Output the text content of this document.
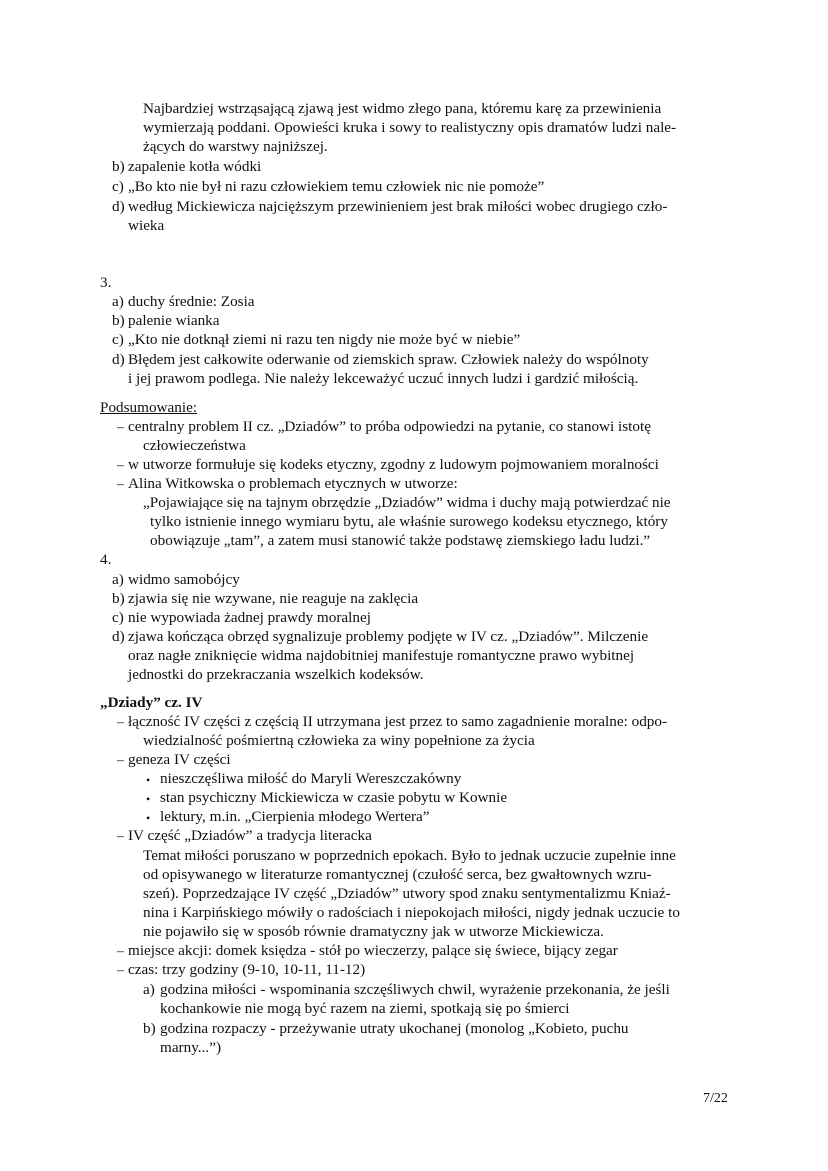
Najbardziej wstrząsającą zjawą jest widmo złego pana, któremu karę za przewinienia
wymierzają poddani. Opowieści kruka i sowy to realistyczny opis dramatów ludzi nale-
żących do warstwy najniższej.
b) zapalenie kotła wódki
c) „Bo kto nie był ni razu człowiekiem temu człowiek nic nie pomoże”
d) według Mickiewicza najcięższym przewinieniem jest brak miłości wobec drugiego czło-
wieka
3.
a) duchy średnie: Zosia
b) palenie wianka
c) „Kto nie dotknął ziemi ni razu ten nigdy nie może być w niebie”
d) Błędem jest całkowite oderwanie od ziemskich spraw. Człowiek należy do wspólnoty
i jej prawom podlega. Nie należy lekceważyć uczuć innych ludzi i gardzić miłością.
Podsumowanie:
– centralny problem II cz. „Dziadów” to próba odpowiedzi na pytanie, co stanowi istotę
człowieczeństwa
– w utworze formułuje się kodeks etyczny, zgodny z ludowym pojmowaniem moralności
– Alina Witkowska o problemach etycznych w utworze:
„Pojawiające się na tajnym obrzędzie „Dziadów” widma i duchy mają potwierdzać nie
tylko istnienie innego wymiaru bytu, ale właśnie surowego kodeksu etycznego, który
obowiązuje „tam”, a zatem musi stanowić także podstawę ziemskiego ładu ludzi.”
4.
a) widmo samobójcy
b) zjawia się nie wzywane, nie reaguje na zaklęcia
c) nie wypowiada żadnej prawdy moralnej
d) zjawa kończąca obrzęd sygnalizuje problemy podjęte w IV cz. „Dziadów”. Milczenie
oraz nagłe zniknięcie widma najdobitniej manifestuje romantyczne prawo wybitnej
jednostki do przekraczania wszelkich kodeksów.
„Dziady” cz. IV
– łączność IV części z częścią II utrzymana jest przez to samo zagadnienie moralne: odpo-
wiedzialność pośmiertną człowieka za winy popełnione za życia
– geneza IV części
• nieszczęśliwa miłość do Maryli Wereszczakówny
• stan psychiczny Mickiewicza w czasie pobytu w Kownie
• lektury, m.in. „Cierpienia młodego Wertera”
– IV część „Dziadów” a tradycja literacka
Temat miłości poruszano w poprzednich epokach. Było to jednak uczucie zupełnie inne
od opisywanego w literaturze romantycznej (czułość serca, bez gwałtownych wzru-
szeń). Poprzedzające IV część „Dziadów” utwory spod znaku sentymentalizmu Kniaź-
nina i Karpińskiego mówiły o radościach i niepokojach miłości, nigdy jednak uczucie to
nie pojawiło się w sposób równie dramatyczny jak w utworze Mickiewicza.
– miejsce akcji: domek księdza - stół po wieczerzy, palące się świece, bijący zegar
– czas: trzy godziny (9-10, 10-11, 11-12)
a) godzina miłości - wspominania szczęśliwych chwil, wyrażenie przekonania, że jeśli
kochankowie nie mogą być razem na ziemi, spotkają się po śmierci
b) godzina rozpaczy - przeżywanie utraty ukochanej (monolog „Kobieto, puchu
marny...”)
7/22
